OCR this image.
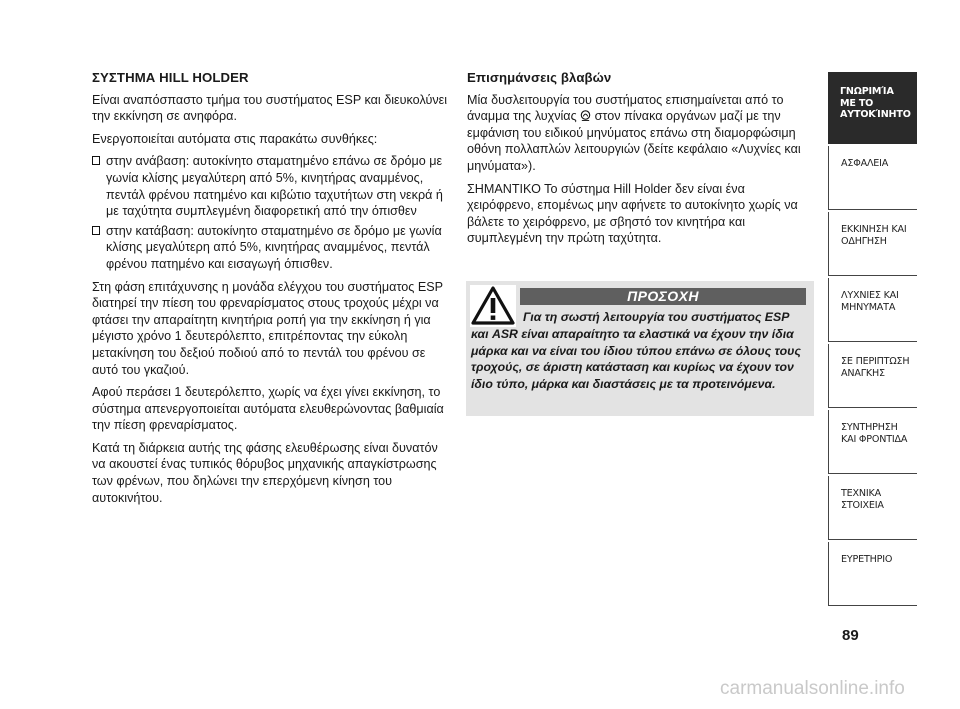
ΣΥΣΤΗΜΑ HILL HOLDER

Είναι αναπόσπαστο τμήμα του συστήματος ESP και διευκολύνει την εκκίνηση σε ανηφόρα.

Ενεργοποιείται αυτόματα στις παρακάτω συνθήκες:

στην ανάβαση: αυτοκίνητο σταματημένο επάνω σε δρόμο με γωνία κλίσης μεγαλύτερη από 5%, κινητήρας αναμμένος, πεντάλ φρένου πατημένο και κιβώτιο ταχυτήτων στη νεκρά ή με ταχύτητα συμπλεγμένη διαφορετική από την όπισθεν
στην κατάβαση: αυτοκίνητο σταματημένο σε δρόμο με γωνία κλίσης μεγαλύτερη από 5%, κινητήρας αναμμένος, πεντάλ φρένου πατημένο και εισαγωγή όπισθεν.

Στη φάση επιτάχυνσης η μονάδα ελέγχου του συστήματος ESP διατηρεί την πίεση του φρεναρίσματος στους τροχούς μέχρι να φτάσει την απαραίτητη κινητήρια ροπή για την εκκίνηση ή για μέγιστο χρόνο 1 δευτερόλεπτο, επιτρέποντας την εύκολη μετακίνηση του δεξιού ποδιού από το πεντάλ του φρένου σε αυτό του γκαζιού.

Αφού περάσει 1 δευτερόλεπτο, χωρίς να έχει γίνει εκκίνηση, το σύστημα απενεργοποιείται αυτόματα ελευθερώνοντας βαθμιαία την πίεση φρεναρίσματος.

Κατά τη διάρκεια αυτής της φάσης ελευθέρωσης είναι δυνατόν να ακουστεί ένας τυπικός θόρυβος μηχανικής απαγκίστρωσης των φρένων, που δηλώνει την επερχόμενη κίνηση του αυτοκινήτου.

Επισημάνσεις βλαβών

Μία δυσλειτουργία του συστήματος επισημαίνεται από το άναμμα της λυχνίας στον πίνακα οργάνων μαζί με την εμφάνιση του ειδικού μηνύματος επάνω στη διαμορφώσιμη οθόνη πολλαπλών λειτουργιών (δείτε κεφάλαιο «Λυχνίες και μηνύματα»).

ΣΗΜΑΝΤΙΚΟ Το σύστημα Hill Holder δεν είναι ένα χειρόφρενο, επομένως μην αφήνετε το αυτοκίνητο χωρίς να βάλετε το χειρόφρενο, με σβηστό τον κινητήρα και συμπλεγμένη την πρώτη ταχύτητα.

ΠΡΟΣΟΧΗ
Για τη σωστή λειτουργία του συστήματος ESP και ASR είναι απαραίτητο τα ελαστικά να έχουν την ίδια μάρκα και να είναι του ίδιου τύπου επάνω σε όλους τους τροχούς, σε άριστη κατάσταση και κυρίως να έχουν τον ίδιο τύπο, μάρκα και διαστάσεις με τα προτεινόμενα.
ΓΝΩΡΙΜΊΑ
ΜΕ ΤΟ
ΑΥΤΟΚΊΝΗΤΟ
ΑΣΦΑΛΕΙΑ
ΕΚΚΙΝΗΣΗ ΚΑΙ
ΟΔΗΓΗΣΗ
ΛΥΧΝΙΕΣ ΚΑΙ
ΜΗΝΥΜΑΤΑ
ΣΕ ΠΕΡΙΠΤΩΣΗ
ΑΝΑΓΚΗΣ
ΣΥΝΤΗΡΗΣΗ
ΚΑΙ ΦΡΟΝΤΙΔΑ
ΤΕΧΝΙΚΑ
ΣΤΟΙΧΕΙΑ
ΕΥΡΕΤΗΡΙΟ
89
carmanualsonline.info
